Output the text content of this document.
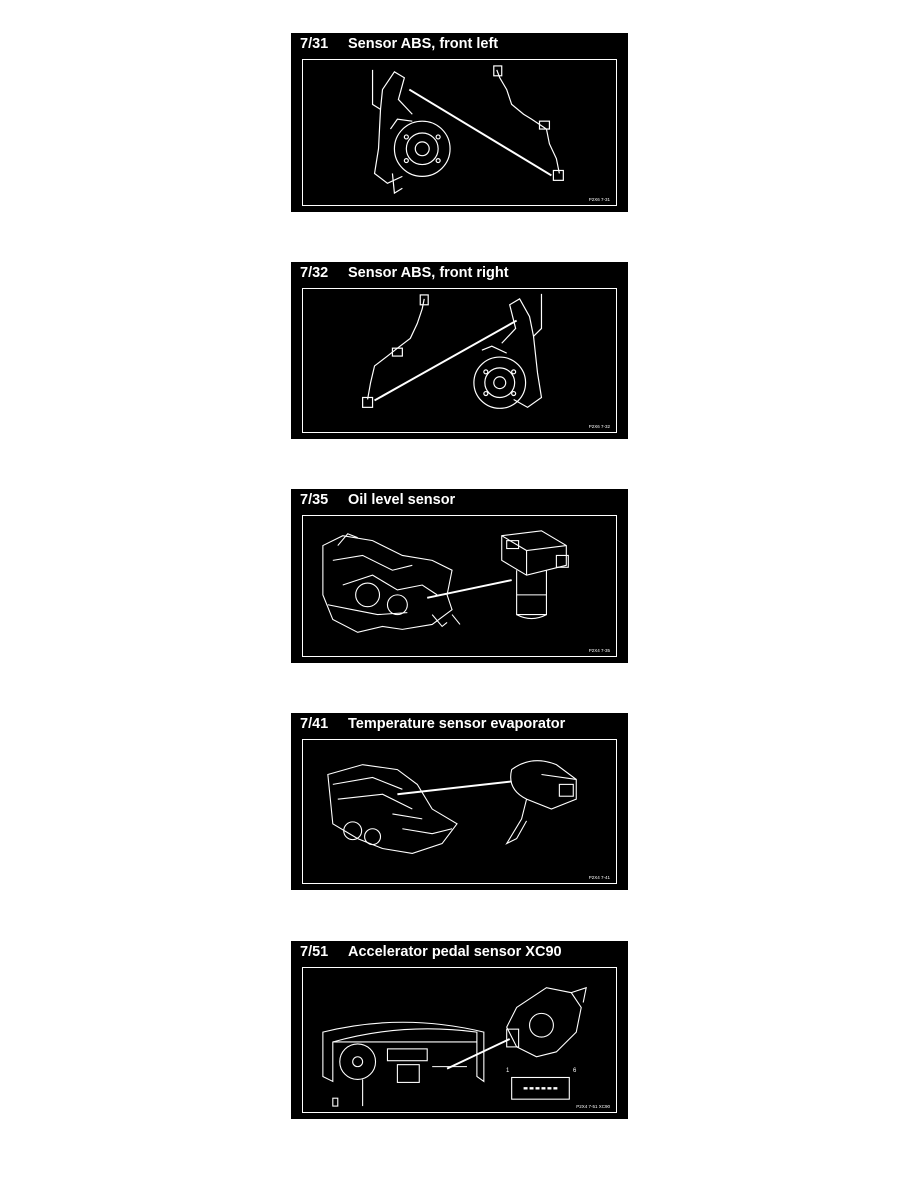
7/31 Sensor ABS, front left
P2X6 7-31
7/32 Sensor ABS, front right
P2X6 7-32
7/35 Oil level sensor
P2X4 7-35
7/41 Temperature sensor evaporator
P2X4 7-41
7/51 Accelerator pedal sensor XC90
1	6
P2X4 7-51 XC90
